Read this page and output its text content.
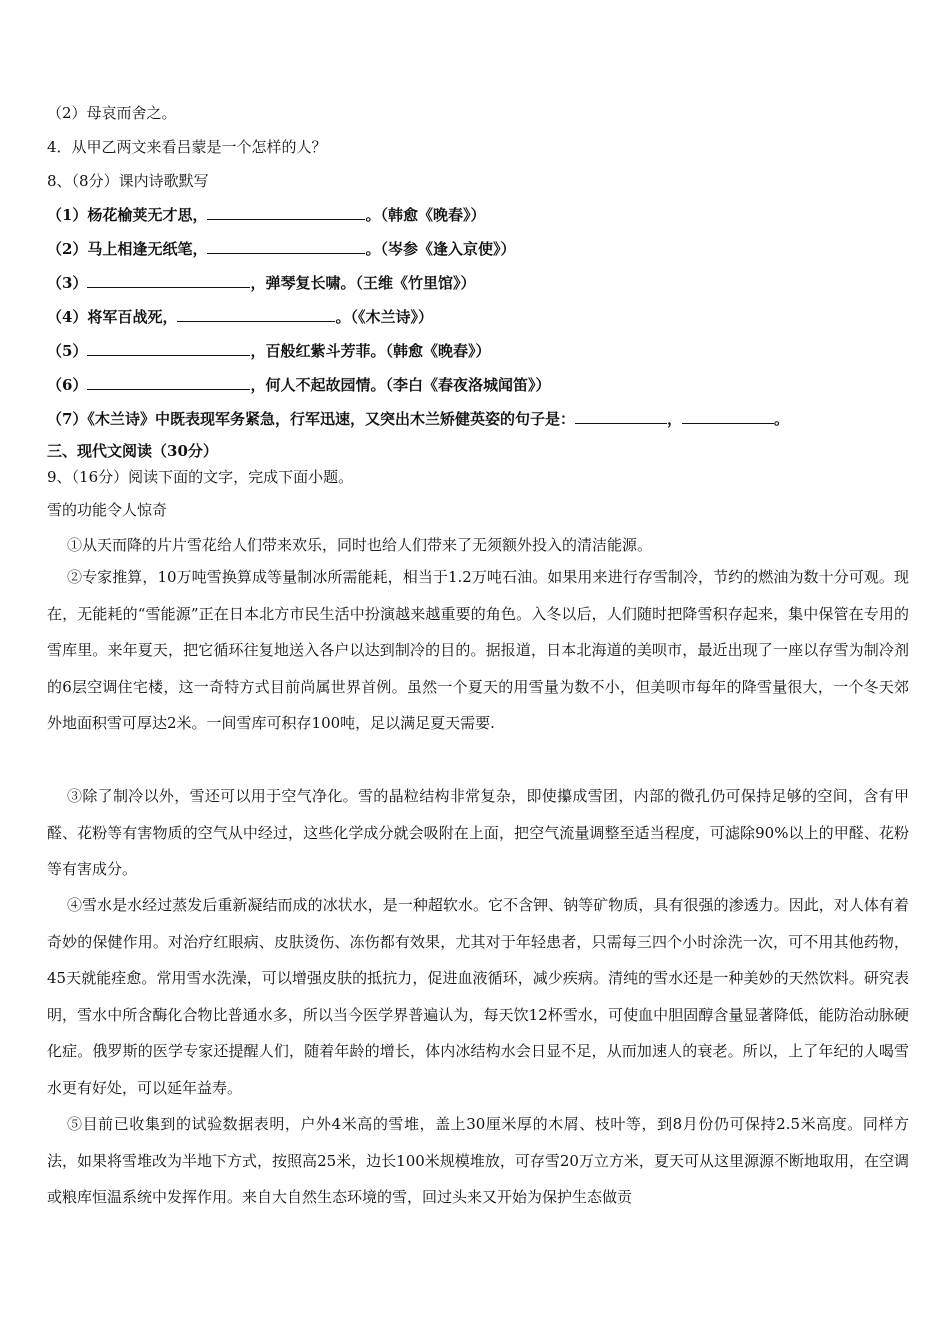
（2）母哀而舍之。
4．从甲乙两文来看吕蒙是一个怎样的人？
8、（8分）课内诗歌默写
（1）杨花榆荚无才思，	。（韩愈《晚春》）
（2）马上相逢无纸笔，	。（岑参《逢入京使》）
（3）	，弹琴复长啸。（王维《竹里馆》）
（4）将军百战死，	。（《木兰诗》）
（5）	，百般红紫斗芳菲。（韩愈《晚春》）
（6）	，何人不起故园情。（李白《春夜洛城闻笛》）
（7）《木兰诗》中既表现军务紧急，行军迅速，又突出木兰矫健英姿的句子是：	，	。
三、现代文阅读（30分）
9、（16分）阅读下面的文字，完成下面小题。
雪的功能令人惊奇
①从天而降的片片雪花给人们带来欢乐，同时也给人们带来了无须额外投入的清洁能源。
②专家推算，10万吨雪换算成等量制冰所需能耗，相当于1.2万吨石油。如果用来进行存雪制冷，节约的燃油为数十分可观。现在，无能耗的“雪能源”正在日本北方市民生活中扮演越来越重要的角色。入冬以后，人们随时把降雪积存起来，集中保管在专用的雪库里。来年夏天，把它循环往复地送入各户以达到制冷的目的。据报道，日本北海道的美呗市，最近出现了一座以存雪为制冷剂的6层空调住宅楼，这一奇特方式目前尚属世界首例。虽然一个夏天的用雪量为数不小，但美呗市每年的降雪量很大，一个冬天郊外地面积雪可厚达2米。一间雪库可积存100吨，足以满足夏天需要.
③除了制冷以外，雪还可以用于空气净化。雪的晶粒结构非常复杂，即使攥成雪团，内部的微孔仍可保持足够的空间，含有甲醛、花粉等有害物质的空气从中经过，这些化学成分就会吸附在上面，把空气流量调整至适当程度，可滤除90%以上的甲醛、花粉等有害成分。
④雪水是水经过蒸发后重新凝结而成的冰状水，是一种超软水。它不含钾、钠等矿物质，具有很强的渗透力。因此，对人体有着奇妙的保健作用。对治疗红眼病、皮肤烫伤、冻伤都有效果，尤其对于年轻患者，只需每三四个小时涂洗一次，可不用其他药物，45天就能痊愈。常用雪水洗澡，可以增强皮肤的抵抗力，促进血液循环，减少疾病。清纯的雪水还是一种美妙的天然饮料。研究表明，雪水中所含酶化合物比普通水多，所以当今医学界普遍认为，每天饮12杯雪水，可使血中胆固醇含量显著降低，能防治动脉硬化症。俄罗斯的医学专家还提醒人们，随着年龄的增长，体内冰结构水会日显不足，从而加速人的衰老。所以，上了年纪的人喝雪水更有好处，可以延年益寿。
⑤目前已收集到的试验数据表明，户外4米高的雪堆，盖上30厘米厚的木屑、枝叶等，到8月份仍可保持2.5米高度。同样方法，如果将雪堆改为半地下方式，按照高25米，边长100米规模堆放，可存雪20万立方米，夏天可从这里源源不断地取用，在空调或粮库恒温系统中发挥作用。来自大自然生态环境的雪，回过头来又开始为保护生态做贡
